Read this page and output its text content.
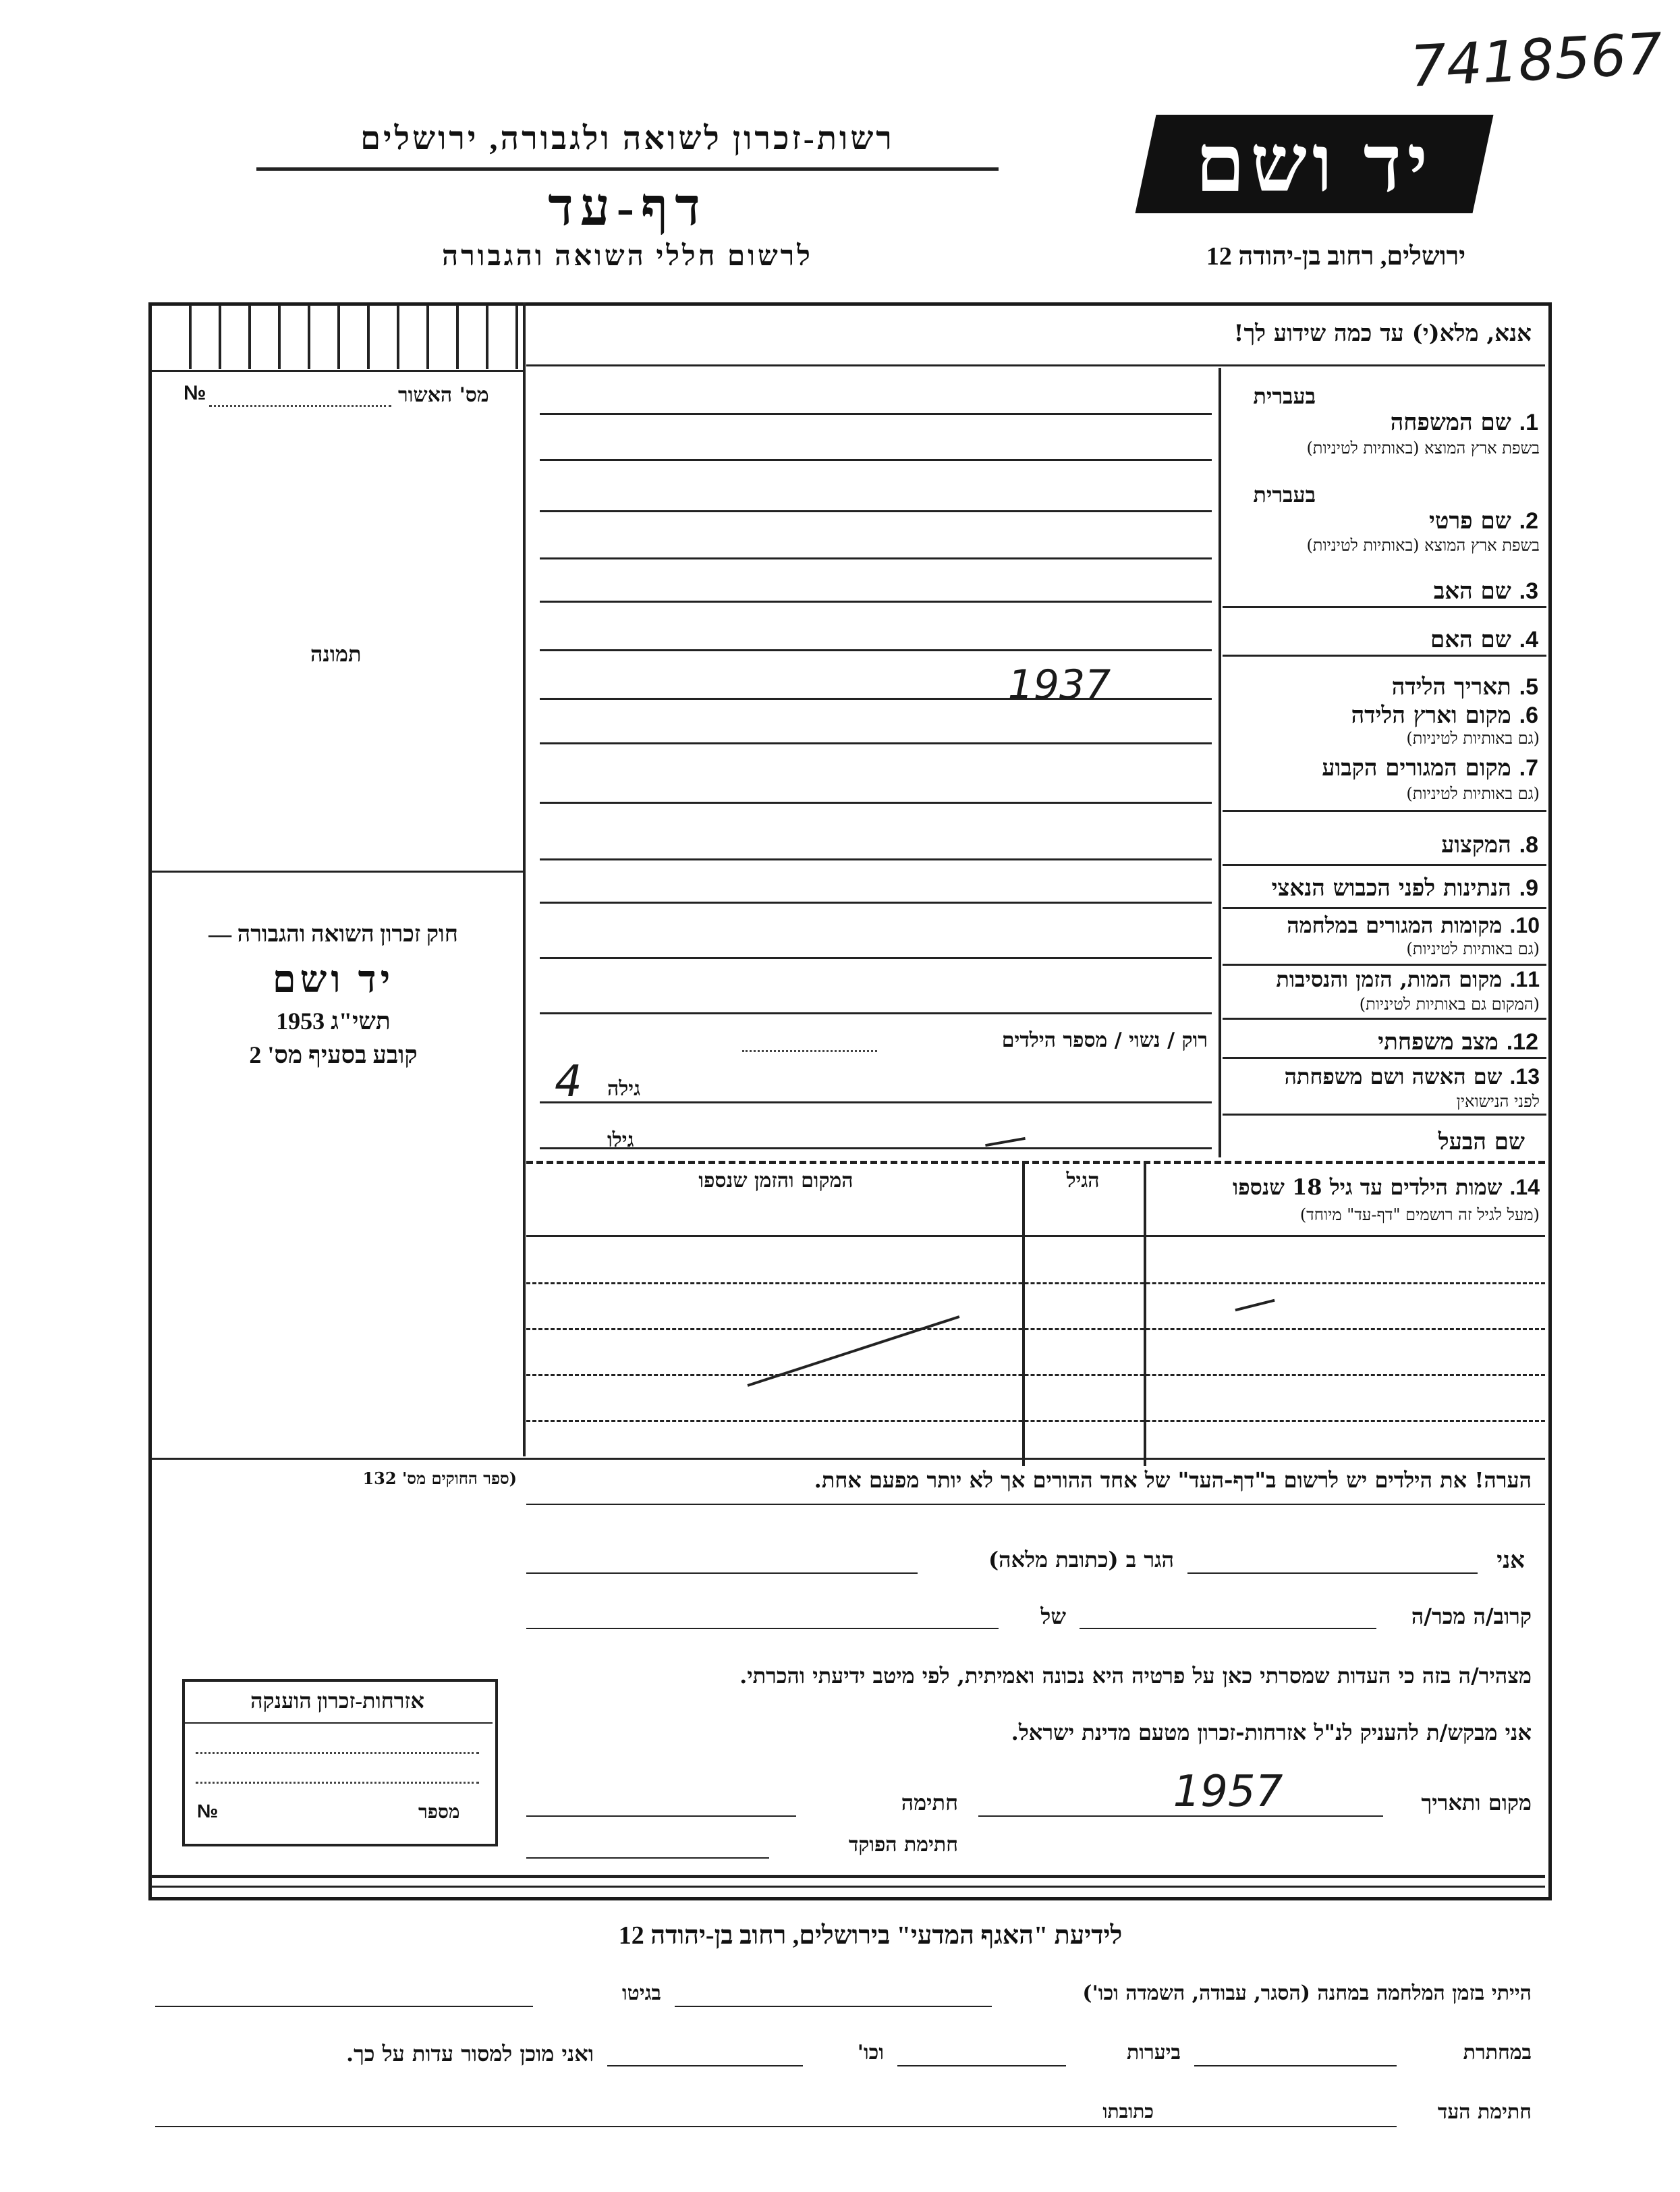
7418567
רשות-זכרון לשואה ולגבורה, ירושלים
דף-עד
לרשום חללי השואה והגבורה
יד ושם
ירושלים, רחוב בן-יהודה 12
מס' האשור
№
תמונה
חוק זכרון השואה והגבורה —
יד ושם
תשי"ג 1953
קובע בסעיף מס' 2
(ספר החוקים מס' 132
אזרחות-זכרון הוענקה
מספר
№
אנא, מלא(י) עד כמה שידוע לך!
בעברית
1. שם המשפחה
בשפת ארץ המוצא (באותיות לטיניות)
בעברית
2. שם פרטי
בשפת ארץ המוצא (באותיות לטיניות)
3. שם האב
4. שם האם
5. תאריך הלידה
1937
6. מקום וארץ הלידה
(גם באותיות לטיניות)
7. מקום המגורים הקבוע
(גם באותיות לטיניות)
8. המקצוע
9. הנתינות לפני הכבוש הנאצי
10. מקומות המגורים במלחמה
(גם באותיות לטיניות)
11. מקום המות, הזמן והנסיבות
(המקום גם באותיות לטיניות)
12. מצב משפחתי
רוק / נשוי / מספר הילדים
13. שם האשה ושם משפחתה
לפני הנישואין
גילה
4
שם הבעל
גילו
14. שמות הילדים עד גיל 18 שנספו
(מעל לגיל זה רושמים "דף-עד" מיוחד)
הגיל
המקום והזמן שנספו
הערה! את הילדים יש לרשום ב"דף-העד" של אחד ההורים אך לא יותר מפעם אחת.
אני
הגר ב (כתובת מלאה)
קרוב/ה מכר/ה
של
מצהיר/ה בזה כי העדות שמסרתי כאן על פרטיה היא נכונה ואמיתית, לפי מיטב ידיעתי והכרתי.
אני מבקש/ת להעניק לנ"ל אזרחות-זכרון מטעם מדינת ישראל.
מקום ותאריך
1957
חתימה
חתימת הפוקד
לידיעת "האגף המדעי" בירושלים, רחוב בן-יהודה 12
הייתי בזמן המלחמה במחנה (הסגר, עבודה, השמדה וכו')
בגיטו
במחתרת
ביערות
וכו'
ואני מוכן למסור עדות על כך.
חתימת העד
כתובתו
